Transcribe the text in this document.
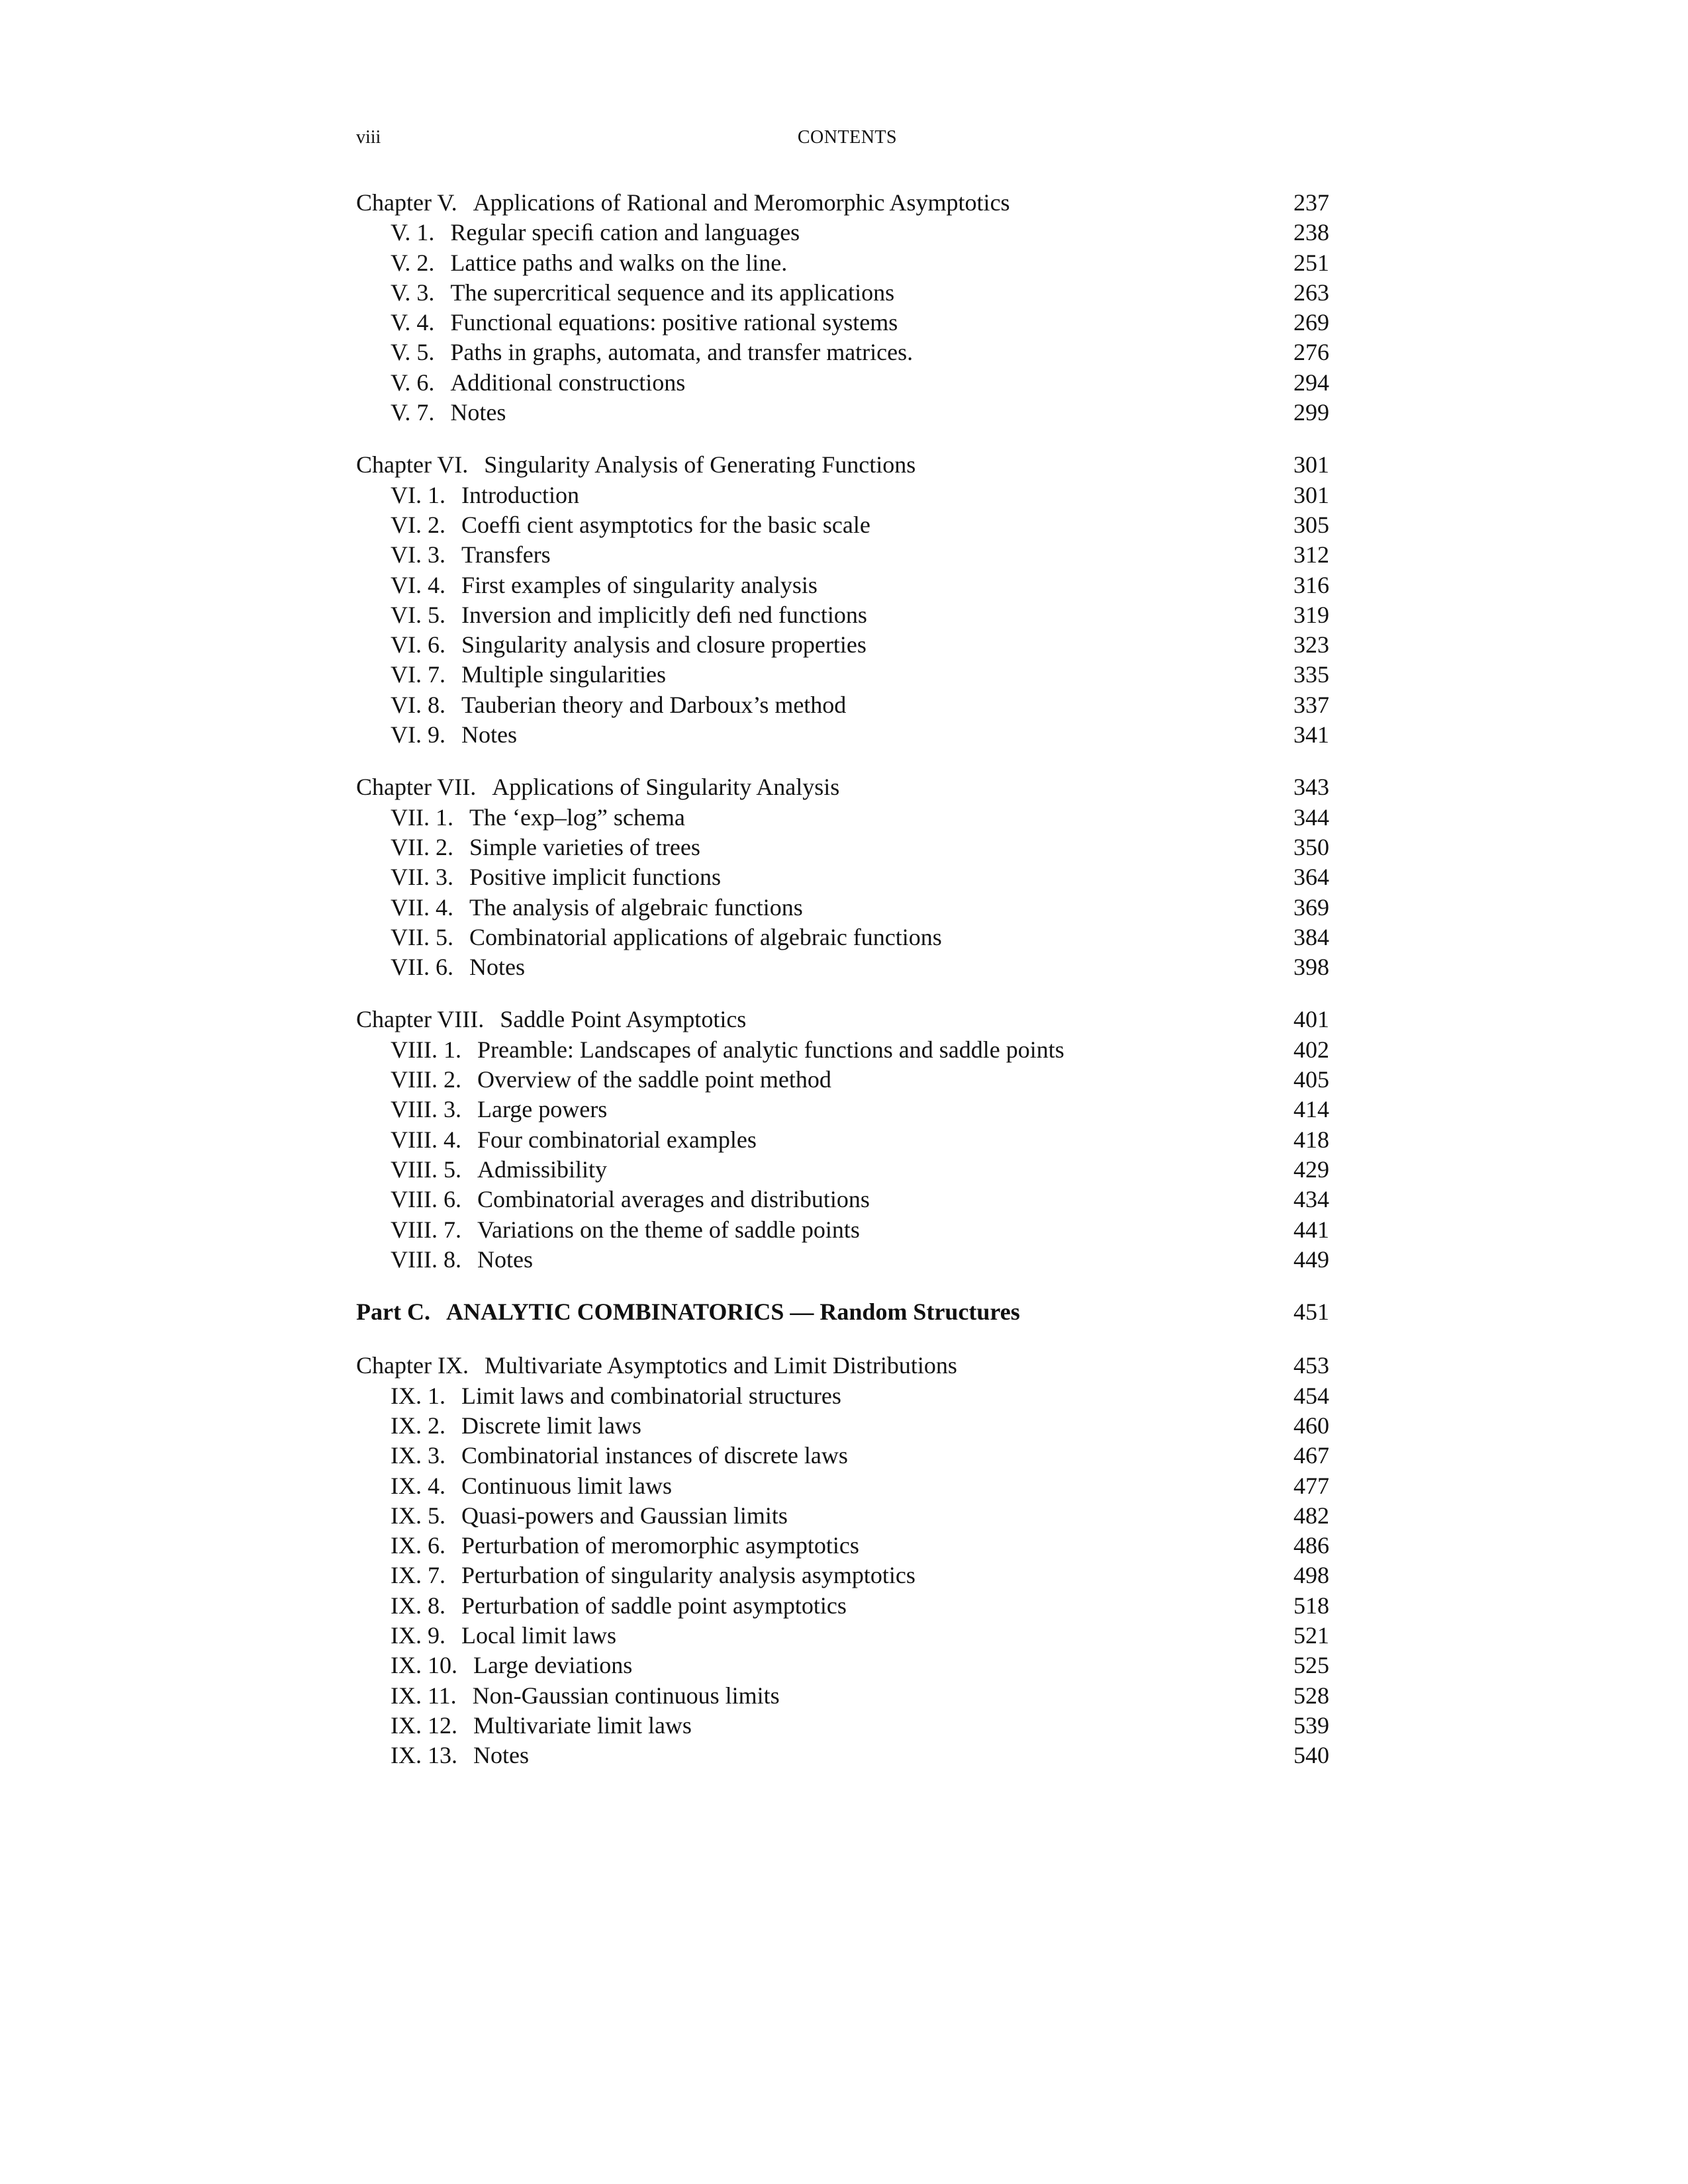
viii	CONTENTS
Chapter V. Applications of Rational and Meromorphic Asymptotics	237
V. 1. Regular speciﬁ cation and languages	238
V. 2. Lattice paths and walks on the line.	251
V. 3. The supercritical sequence and its applications	263
V. 4. Functional equations: positive rational systems	269
V. 5. Paths in graphs, automata, and transfer matrices.	276
V. 6. Additional constructions	294
V. 7. Notes	299
Chapter VI. Singularity Analysis of Generating Functions	301
VI. 1. Introduction	301
VI. 2. Coefﬁ cient asymptotics for the basic scale	305
VI. 3. Transfers	312
VI. 4. First examples of singularity analysis	316
VI. 5. Inversion and implicitly deﬁ ned functions	319
VI. 6. Singularity analysis and closure properties	323
VI. 7. Multiple singularities	335
VI. 8. Tauberian theory and Darboux’s method	337
VI. 9. Notes	341
Chapter VII. Applications of Singularity Analysis	343
VII. 1. The ‘exp–log” schema	344
VII. 2. Simple varieties of trees	350
VII. 3. Positive implicit functions	364
VII. 4. The analysis of algebraic functions	369
VII. 5. Combinatorial applications of algebraic functions	384
VII. 6. Notes	398
Chapter VIII. Saddle Point Asymptotics	401
VIII. 1. Preamble: Landscapes of analytic functions and saddle points	402
VIII. 2. Overview of the saddle point method	405
VIII. 3. Large powers	414
VIII. 4. Four combinatorial examples	418
VIII. 5. Admissibility	429
VIII. 6. Combinatorial averages and distributions	434
VIII. 7. Variations on the theme of saddle points	441
VIII. 8. Notes	449
Part C. ANALYTIC COMBINATORICS — Random Structures	451
Chapter IX. Multivariate Asymptotics and Limit Distributions	453
IX. 1. Limit laws and combinatorial structures	454
IX. 2. Discrete limit laws	460
IX. 3. Combinatorial instances of discrete laws	467
IX. 4. Continuous limit laws	477
IX. 5. Quasi-powers and Gaussian limits	482
IX. 6. Perturbation of meromorphic asymptotics	486
IX. 7. Perturbation of singularity analysis asymptotics	498
IX. 8. Perturbation of saddle point asymptotics	518
IX. 9. Local limit laws	521
IX. 10. Large deviations	525
IX. 11. Non-Gaussian continuous limits	528
IX. 12. Multivariate limit laws	539
IX. 13. Notes	540
